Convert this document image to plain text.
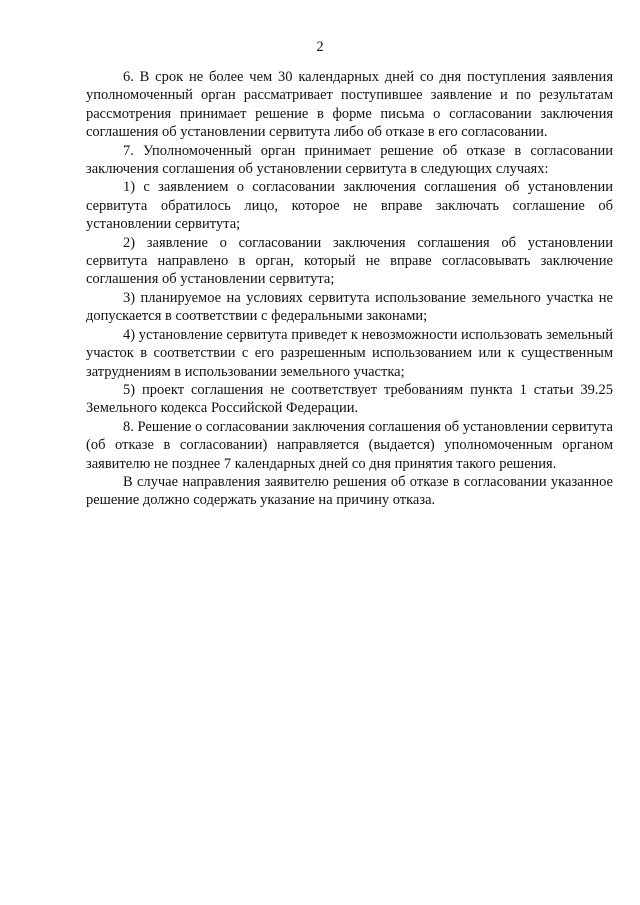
2

6. В срок не более чем 30 календарных дней со дня поступления заявления уполномоченный орган рассматривает поступившее заявление и по результатам рассмотрения принимает решение в форме письма о согласовании заключения соглашения об установлении сервитута либо об отказе в его согласовании.

7. Уполномоченный орган принимает решение об отказе в согласовании заключения соглашения об установлении сервитута в следующих случаях:

1) с заявлением о согласовании заключения соглашения об установлении сервитута обратилось лицо, которое не вправе заключать соглашение об установлении сервитута;

2) заявление о согласовании заключения соглашения об установлении сервитута направлено в орган, который не вправе согласовывать заключение соглашения об установлении сервитута;

3) планируемое на условиях сервитута использование земельного участка не допускается в соответствии с федеральными законами;

4) установление сервитута приведет к невозможности использовать земельный участок в соответствии с его разрешенным использованием или к существенным затруднениям в использовании земельного участка;

5) проект соглашения не соответствует требованиям пункта 1 статьи 39.25 Земельного кодекса Российской Федерации.

8. Решение о согласовании заключения соглашения об установлении сервитута (об отказе в согласовании) направляется (выдается) уполномоченным органом заявителю не позднее 7 календарных дней со дня принятия такого решения.

В случае направления заявителю решения об отказе в согласовании указанное решение должно содержать указание на причину отказа.
